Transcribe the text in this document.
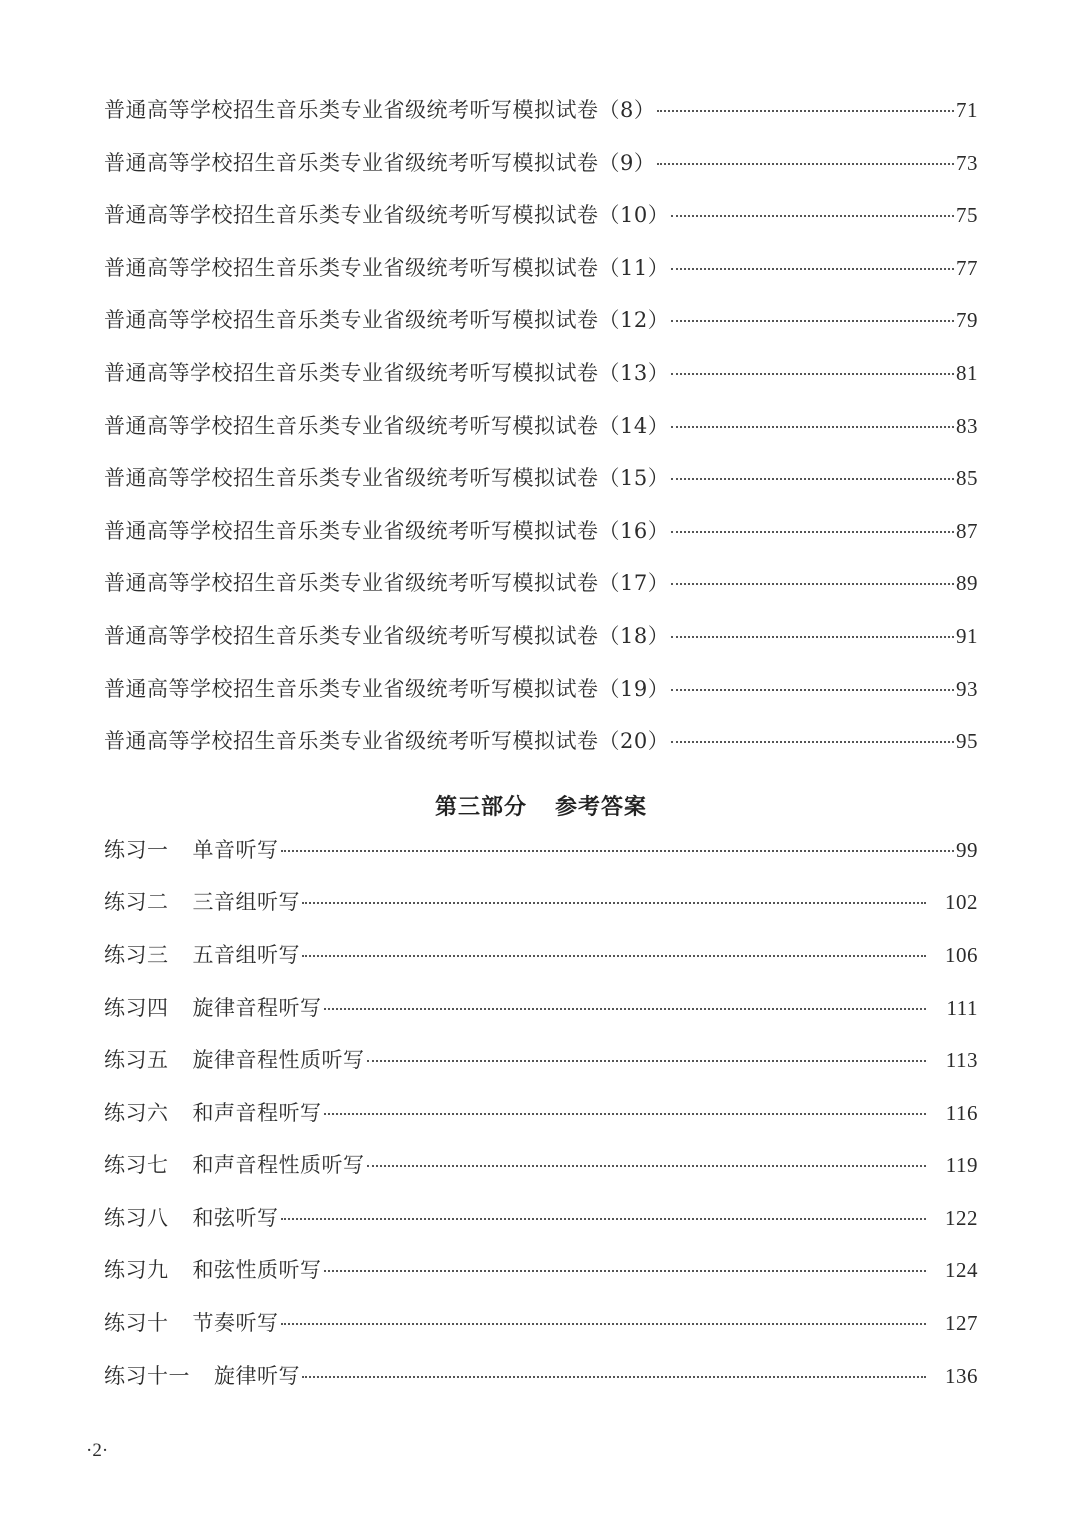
普通高等学校招生音乐类专业省级统考听写模拟试卷（8）	71
普通高等学校招生音乐类专业省级统考听写模拟试卷（9）	73
普通高等学校招生音乐类专业省级统考听写模拟试卷（10）	75
普通高等学校招生音乐类专业省级统考听写模拟试卷（11）	77
普通高等学校招生音乐类专业省级统考听写模拟试卷（12）	79
普通高等学校招生音乐类专业省级统考听写模拟试卷（13）	81
普通高等学校招生音乐类专业省级统考听写模拟试卷（14）	83
普通高等学校招生音乐类专业省级统考听写模拟试卷（15）	85
普通高等学校招生音乐类专业省级统考听写模拟试卷（16）	87
普通高等学校招生音乐类专业省级统考听写模拟试卷（17）	89
普通高等学校招生音乐类专业省级统考听写模拟试卷（18）	91
普通高等学校招生音乐类专业省级统考听写模拟试卷（19）	93
普通高等学校招生音乐类专业省级统考听写模拟试卷（20）	95
第三部分 参考答案
练习一 单音听写	99
练习二 三音组听写	102
练习三 五音组听写	106
练习四 旋律音程听写	111
练习五 旋律音程性质听写	113
练习六 和声音程听写	116
练习七 和声音程性质听写	119
练习八 和弦听写	122
练习九 和弦性质听写	124
练习十 节奏听写	127
练习十一 旋律听写	136
·2·
